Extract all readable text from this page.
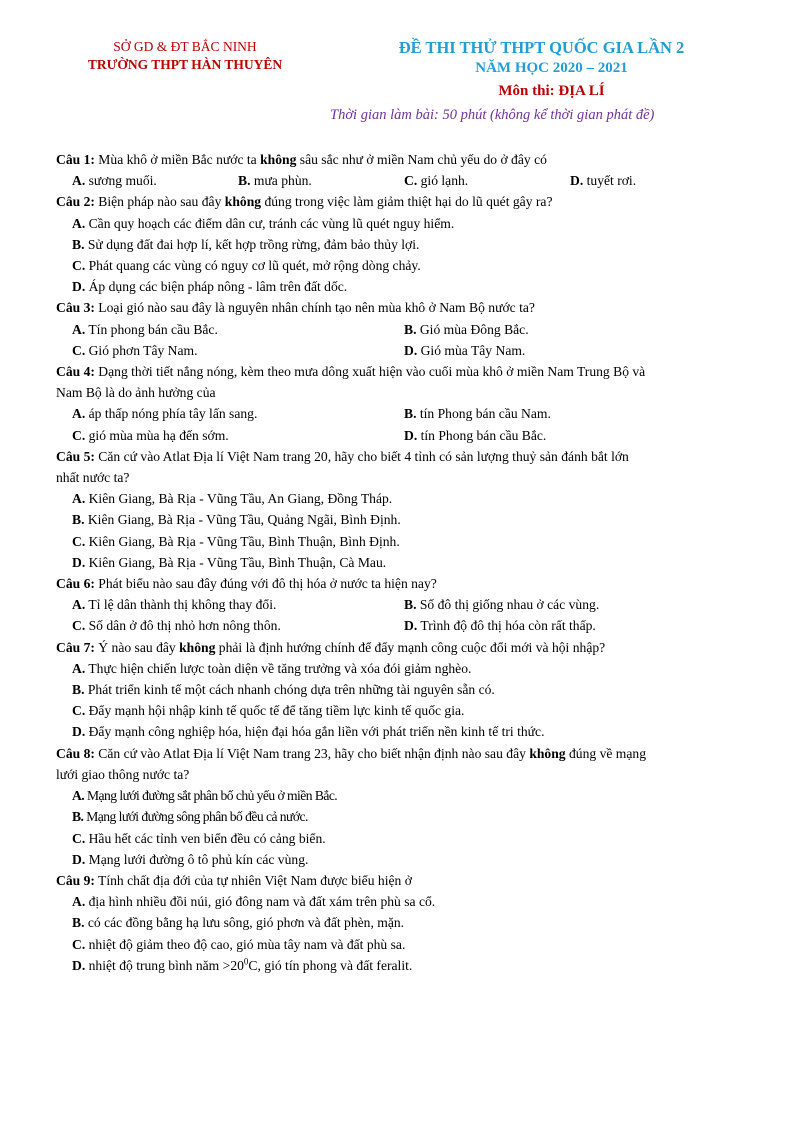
SỞ GD & ĐT BẮC NINH
TRƯỜNG THPT HÀN THUYÊN
ĐỀ THI THỬ THPT QUỐC GIA LẦN 2
NĂM HỌC 2020 – 2021
Môn thi: ĐỊA LÍ
Thời gian làm bài: 50 phút (không kể thời gian phát đề)
Câu 1: Mùa khô ở miền Bắc nước ta không sâu sắc như ở miền Nam chủ yếu do ở đây có
A. sương muối.	B. mưa phùn.	C. gió lạnh.	D. tuyết rơi.
Câu 2: Biện pháp nào sau đây không đúng trong việc làm giảm thiệt hại do lũ quét gây ra?
A. Cần quy hoạch các điểm dân cư, tránh các vùng lũ quét nguy hiểm.
B. Sử dụng đất đai hợp lí, kết hợp trồng rừng, đảm bảo thủy lợi.
C. Phát quang các vùng có nguy cơ lũ quét, mở rộng dòng chảy.
D. Áp dụng các biện pháp nông - lâm trên đất dốc.
Câu 3: Loại gió nào sau đây là nguyên nhân chính tạo nên mùa khô ở Nam Bộ nước ta?
A. Tín phong bán cầu Bắc.	B. Gió mùa Đông Bắc.
C. Gió phơn Tây Nam.	D. Gió mùa Tây Nam.
Câu 4: Dạng thời tiết nắng nóng, kèm theo mưa dông xuất hiện vào cuối mùa khô ở miền Nam Trung Bộ và
Nam Bộ là do ảnh hưởng của
A. áp thấp nóng phía tây lấn sang.	B. tín Phong bán cầu Nam.
C. gió mùa mùa hạ đến sớm.	D. tín Phong bán cầu Bắc.
Câu 5: Căn cứ vào Atlat Địa lí Việt Nam trang 20, hãy cho biết 4 tỉnh có sản lượng thuỷ sản đánh bắt lớn
nhất nước ta?
A. Kiên Giang, Bà Rịa - Vũng Tầu, An Giang, Đồng Tháp.
B. Kiên Giang, Bà Rịa - Vũng Tầu, Quảng Ngãi, Bình Định.
C. Kiên Giang, Bà Rịa - Vũng Tầu, Bình Thuận, Bình Định.
D. Kiên Giang, Bà Rịa - Vũng Tầu, Bình Thuận, Cà Mau.
Câu 6: Phát biểu nào sau đây đúng với đô thị hóa ở nước ta hiện nay?
A. Tỉ lệ dân thành thị không thay đổi.	B. Số đô thị giống nhau ở các vùng.
C. Số dân ở đô thị nhỏ hơn nông thôn.	D. Trình độ đô thị hóa còn rất thấp.
Câu 7: Ý nào sau đây không phải là định hướng chính để đẩy mạnh công cuộc đổi mới và hội nhập?
A. Thực hiện chiến lược toàn diện về tăng trưởng và xóa đói giảm nghèo.
B. Phát triển kinh tế một cách nhanh chóng dựa trên những tài nguyên sẵn có.
C. Đẩy mạnh hội nhập kinh tế quốc tế để tăng tiềm lực kinh tế quốc gia.
D. Đẩy mạnh công nghiệp hóa, hiện đại hóa gắn liền với phát triển nền kinh tế tri thức.
Câu 8: Căn cứ vào Atlat Địa lí Việt Nam trang 23, hãy cho biết nhận định nào sau đây không đúng về mạng
lưới giao thông nước ta?
A. Mạng lưới đường sắt phân bố chủ yếu ở miền Bắc.
B. Mạng lưới đường sông phân bố đều cả nước.
C. Hầu hết các tỉnh ven biển đều có cảng biển.
D. Mạng lưới đường ô tô phủ kín các vùng.
Câu 9: Tính chất địa đới của tự nhiên Việt Nam được biểu hiện ở
A. địa hình nhiều đồi núi, gió đông nam và đất xám trên phù sa cổ.
B. có các đồng bằng hạ lưu sông, gió phơn và đất phèn, mặn.
C. nhiệt độ giảm theo độ cao, gió mùa tây nam và đất phù sa.
D. nhiệt độ trung bình năm $>20^0C$, gió tín phong và đất feralit.
